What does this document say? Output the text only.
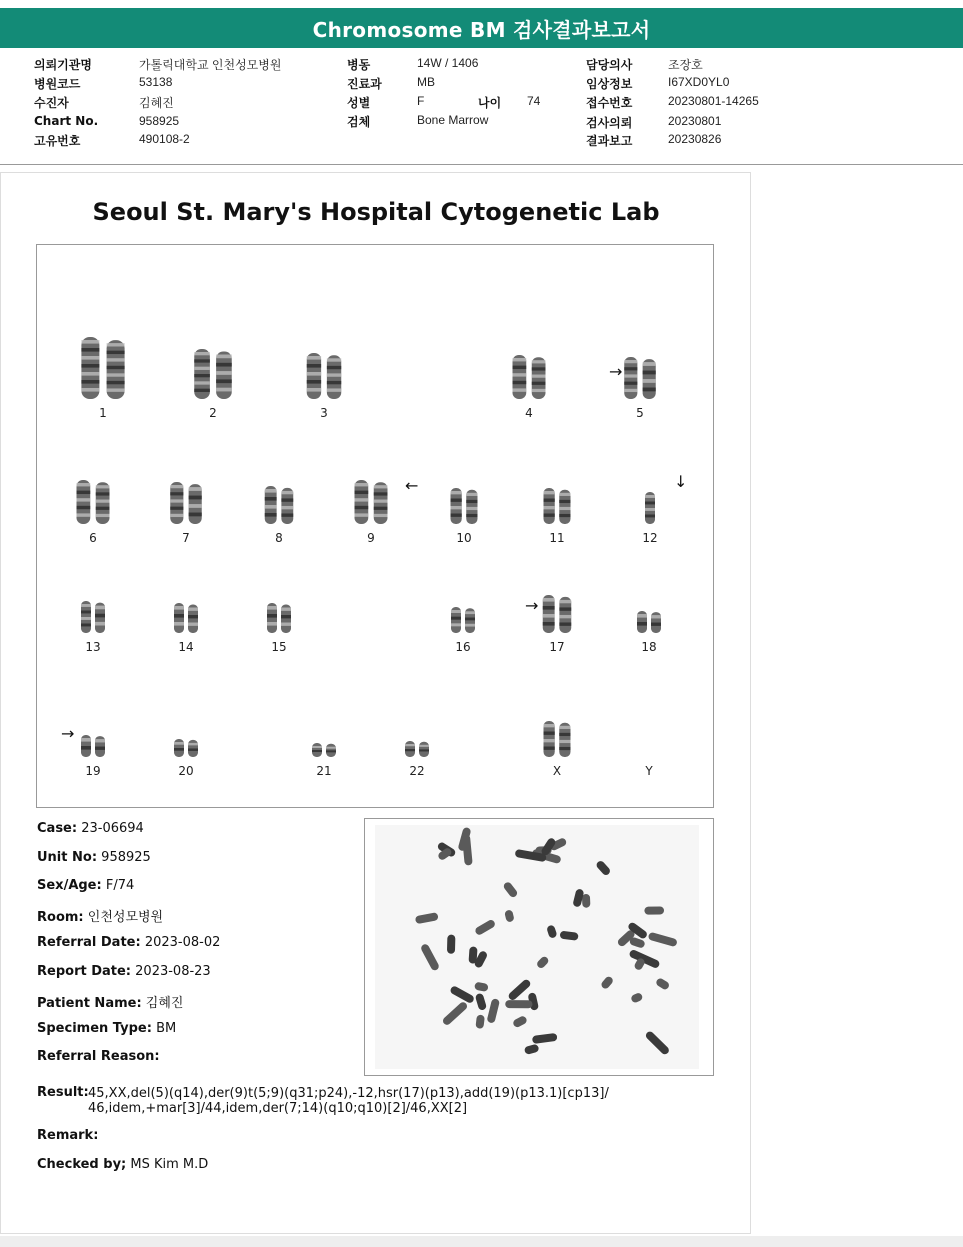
Chromosome BM 검사결과보고서
의뢰기관명	가톨릭대학교 인천성모병원
병원코드	53138
수진자	김혜진
Chart No.	958925
고유번호	490108-2
병동	14W / 1406
진료과	MB
성별	F	나이 74
검체	Bone Marrow
담당의사	조장호
임상정보	I67XD0YL0
접수번호	20230801-14265
검사의뢰	20230801
결과보고	20230826
Seoul St. Mary's Hospital Cytogenetic Lab
1	2	3	4	5
6	7	8	9	10	11	12
13	14	15	16	17	18
19	20	21	22	X	Y
→
←	↓
→
→
Case: 23-06694
Unit No: 958925
Sex/Age: F/74
Room: 인천성모병원
Referral Date: 2023-08-02
Report Date: 2023-08-23
Patient Name: 김혜진
Specimen Type: BM
Referral Reason:
Result: 45,XX,del(5)(q14),der(9)t(5;9)(q31;p24),-12,hsr(17)(p13),add(19)(p13.1)[cp13]/
46,idem,+mar[3]/44,idem,der(7;14)(q10;q10)[2]/46,XX[2]
Remark:
Checked by; MS Kim M.D
